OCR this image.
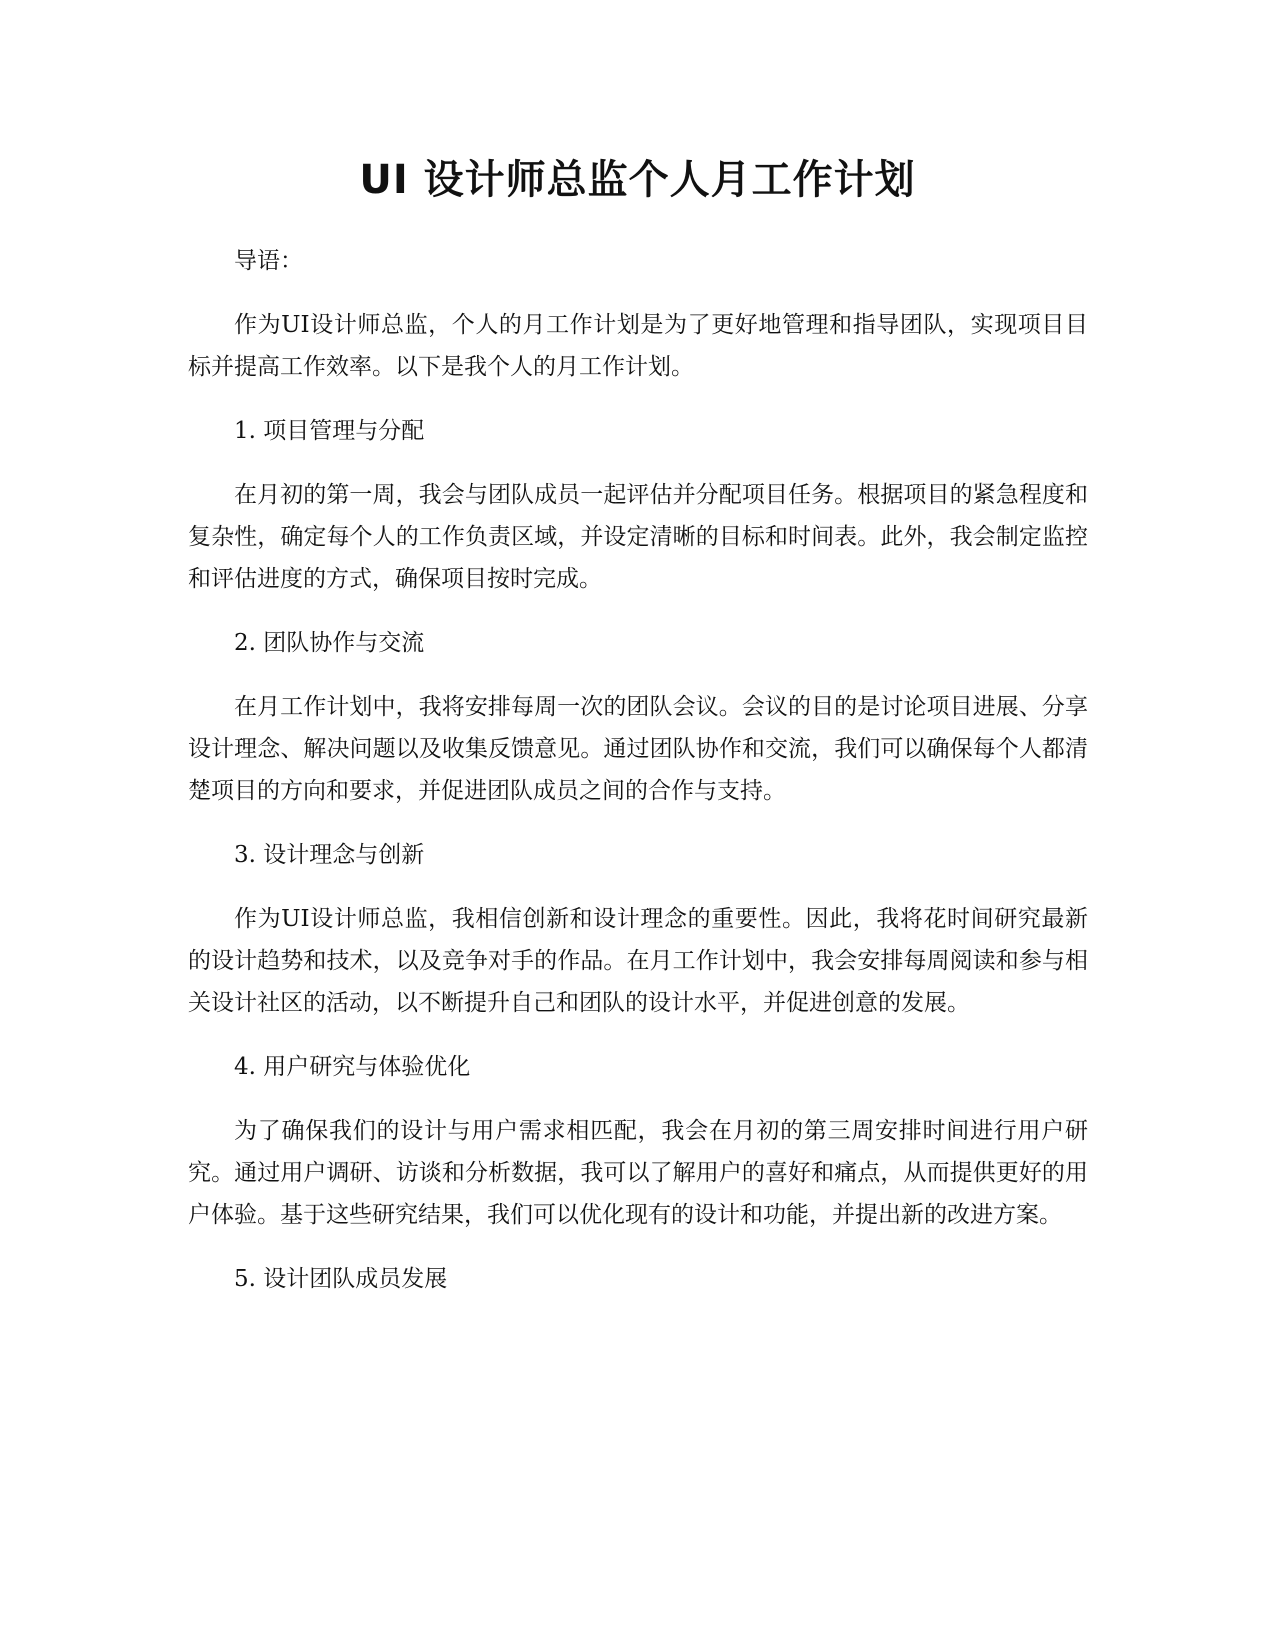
UI 设计师总监个人月工作计划

导语：

作为UI设计师总监，个人的月工作计划是为了更好地管理和指导团队，实现项目目标并提高工作效率。以下是我个人的月工作计划。

1. 项目管理与分配

在月初的第一周，我会与团队成员一起评估并分配项目任务。根据项目的紧急程度和复杂性，确定每个人的工作负责区域，并设定清晰的目标和时间表。此外，我会制定监控和评估进度的方式，确保项目按时完成。

2. 团队协作与交流

在月工作计划中，我将安排每周一次的团队会议。会议的目的是讨论项目进展、分享设计理念、解决问题以及收集反馈意见。通过团队协作和交流，我们可以确保每个人都清楚项目的方向和要求，并促进团队成员之间的合作与支持。

3. 设计理念与创新

作为UI设计师总监，我相信创新和设计理念的重要性。因此，我将花时间研究最新的设计趋势和技术，以及竞争对手的作品。在月工作计划中，我会安排每周阅读和参与相关设计社区的活动，以不断提升自己和团队的设计水平，并促进创意的发展。

4. 用户研究与体验优化

为了确保我们的设计与用户需求相匹配，我会在月初的第三周安排时间进行用户研究。通过用户调研、访谈和分析数据，我可以了解用户的喜好和痛点，从而提供更好的用户体验。基于这些研究结果，我们可以优化现有的设计和功能，并提出新的改进方案。

5. 设计团队成员发展
